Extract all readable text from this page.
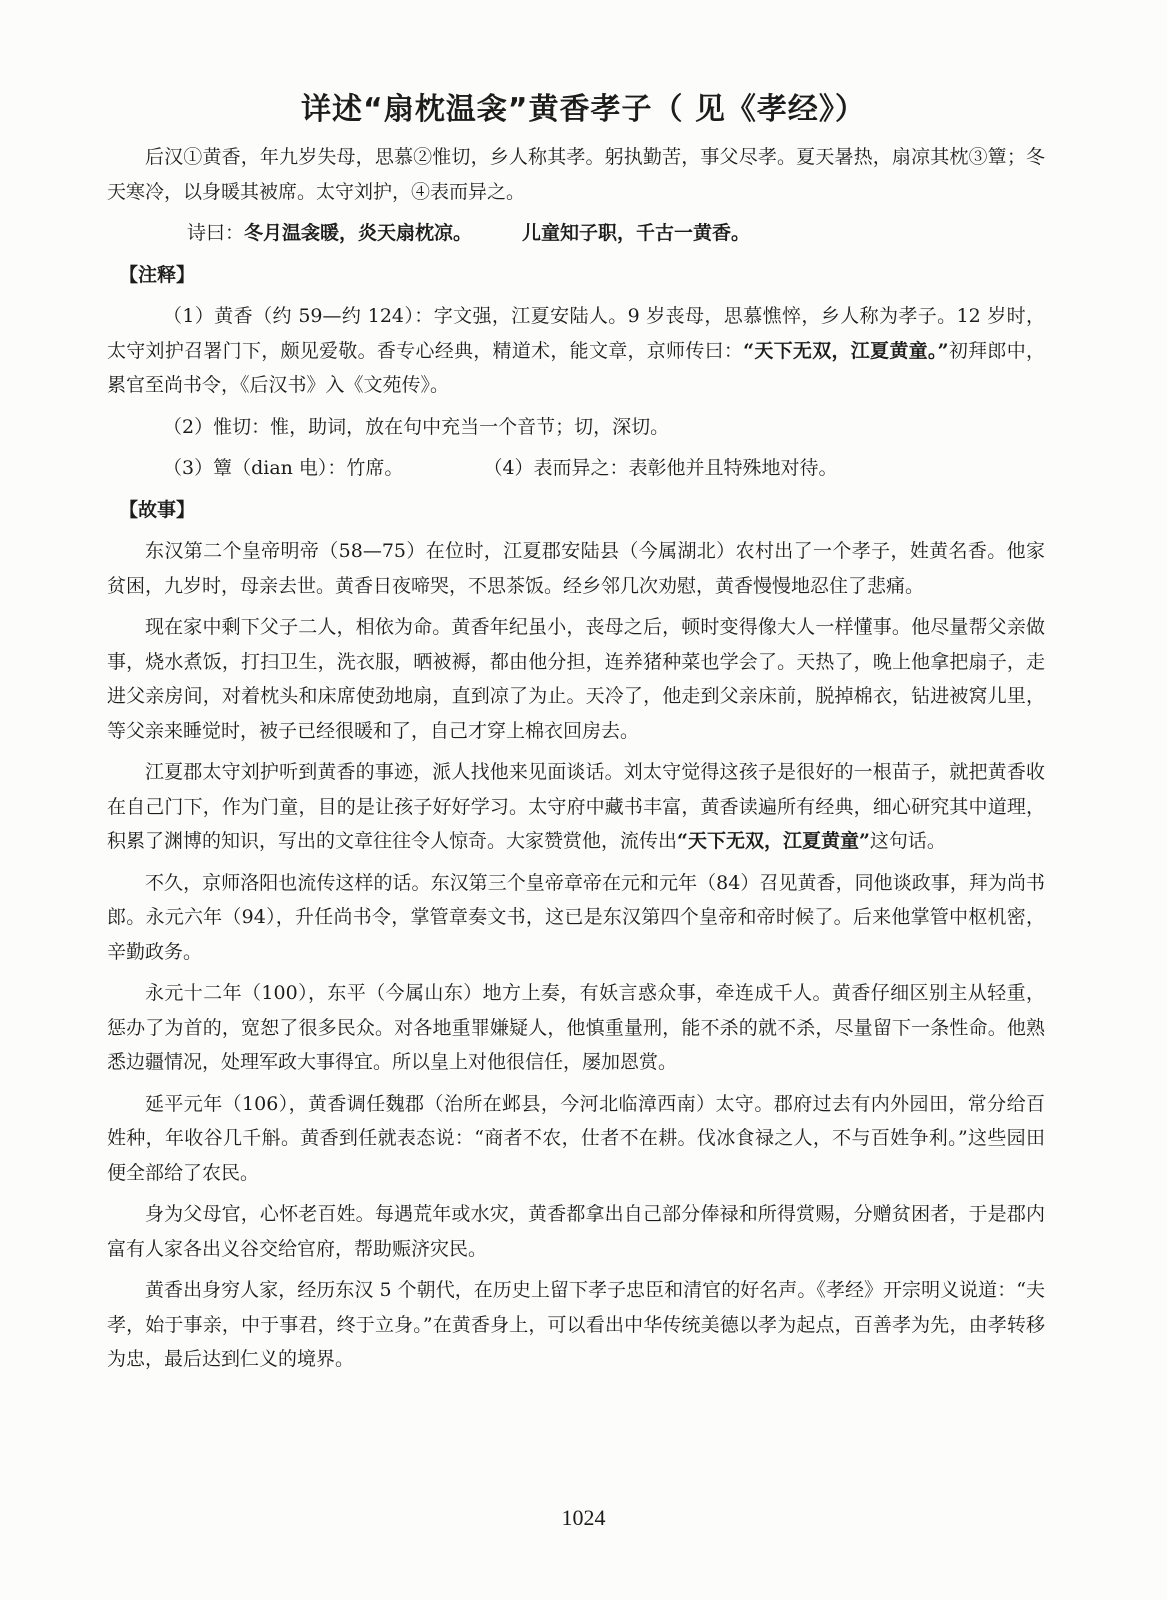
详述“扇枕温衾”黄香孝子（ 见《孝经》）

后汉①黄香，年九岁失母，思慕②惟切，乡人称其孝。躬执勤苦，事父尽孝。夏天暑热，扇凉其枕③簟；冬天寒冷，以身暖其被席。太守刘护，④表而异之。

诗曰：冬月温衾暖，炎天扇枕凉。	儿童知子职，千古一黄香。

【注释】

（1）黄香（约 59—约 124）：字文强，江夏安陆人。9 岁丧母，思慕憔悴，乡人称为孝子。12 岁时，太守刘护召署门下，颇见爱敬。香专心经典，精道术，能文章，京师传曰：“天下无双，江夏黄童。”初拜郎中，累官至尚书令，《后汉书》入《文苑传》。

（2）惟切：惟，助词，放在句中充当一个音节；切，深切。

（3）簟（dian 电）：竹席。	（4）表而异之：表彰他并且特殊地对待。

【故事】

东汉第二个皇帝明帝（58—75）在位时，江夏郡安陆县（今属湖北）农村出了一个孝子，姓黄名香。他家贫困，九岁时，母亲去世。黄香日夜啼哭，不思茶饭。经乡邻几次劝慰，黄香慢慢地忍住了悲痛。

现在家中剩下父子二人，相依为命。黄香年纪虽小，丧母之后，顿时变得像大人一样懂事。他尽量帮父亲做事，烧水煮饭，打扫卫生，洗衣服，晒被褥，都由他分担，连养猪种菜也学会了。天热了，晚上他拿把扇子，走进父亲房间，对着枕头和床席使劲地扇，直到凉了为止。天冷了，他走到父亲床前，脱掉棉衣，钻进被窝儿里，等父亲来睡觉时，被子已经很暖和了，自己才穿上棉衣回房去。

江夏郡太守刘护听到黄香的事迹，派人找他来见面谈话。刘太守觉得这孩子是很好的一根苗子，就把黄香收在自己门下，作为门童，目的是让孩子好好学习。太守府中藏书丰富，黄香读遍所有经典，细心研究其中道理，积累了渊博的知识，写出的文章往往令人惊奇。大家赞赏他，流传出“天下无双，江夏黄童”这句话。

不久，京师洛阳也流传这样的话。东汉第三个皇帝章帝在元和元年（84）召见黄香，同他谈政事，拜为尚书郎。永元六年（94），升任尚书令，掌管章奏文书，这已是东汉第四个皇帝和帝时候了。后来他掌管中枢机密，辛勤政务。

永元十二年（100），东平（今属山东）地方上奏，有妖言惑众事，牵连成千人。黄香仔细区别主从轻重，惩办了为首的，宽恕了很多民众。对各地重罪嫌疑人，他慎重量刑，能不杀的就不杀，尽量留下一条性命。他熟悉边疆情况，处理军政大事得宜。所以皇上对他很信任，屡加恩赏。

延平元年（106），黄香调任魏郡（治所在邺县，今河北临漳西南）太守。郡府过去有内外园田，常分给百姓种，年收谷几千斛。黄香到任就表态说：“商者不农，仕者不在耕。伐冰食禄之人，不与百姓争利。”这些园田便全部给了农民。

身为父母官，心怀老百姓。每遇荒年或水灾，黄香都拿出自己部分俸禄和所得赏赐，分赠贫困者，于是郡内富有人家各出义谷交给官府，帮助赈济灾民。

黄香出身穷人家，经历东汉 5 个朝代，在历史上留下孝子忠臣和清官的好名声。《孝经》开宗明义说道：“夫孝，始于事亲，中于事君，终于立身。”在黄香身上，可以看出中华传统美德以孝为起点，百善孝为先，由孝转移为忠，最后达到仁义的境界。

1024
